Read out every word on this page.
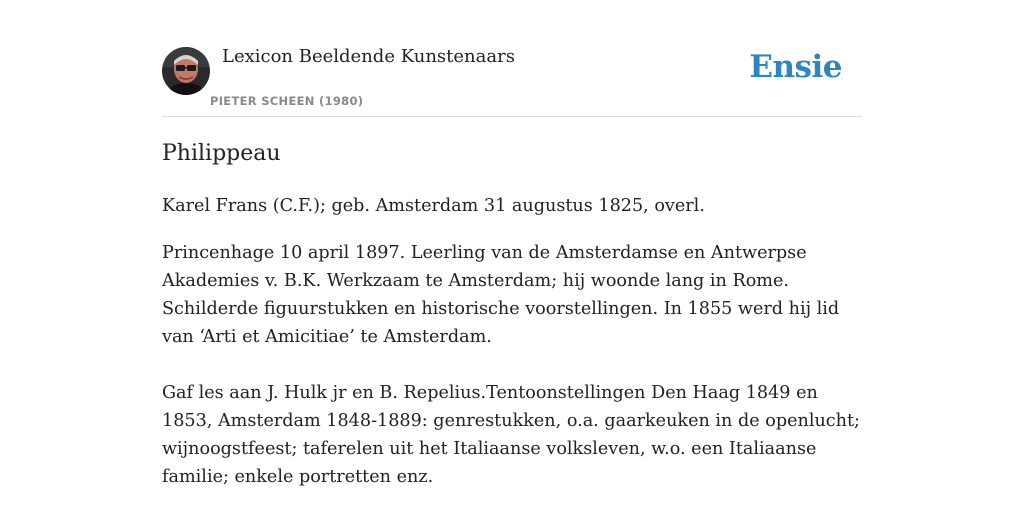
Lexicon Beeldende Kunstenaars
PIETER SCHEEN (1980)
Ensie
Philippeau

Karel Frans (C.F.); geb. Amsterdam 31 augustus 1825, overl.

Princenhage 10 april 1897. Leerling van de Amsterdamse en Antwerpse Akademies v. B.K. Werkzaam te Amsterdam; hij woonde lang in Rome. Schilderde figuurstukken en historische voorstellingen. In 1855 werd hij lid van ‘Arti et Amicitiae’ te Amsterdam.

Gaf les aan J. Hulk jr en B. Repelius.Tentoonstellingen Den Haag 1849 en 1853, Amsterdam 1848-1889: genrestukken, o.a. gaarkeuken in de openlucht; wijnoogstfeest; taferelen uit het Italiaanse volksleven, w.o. een Italiaanse familie; enkele portretten enz.
